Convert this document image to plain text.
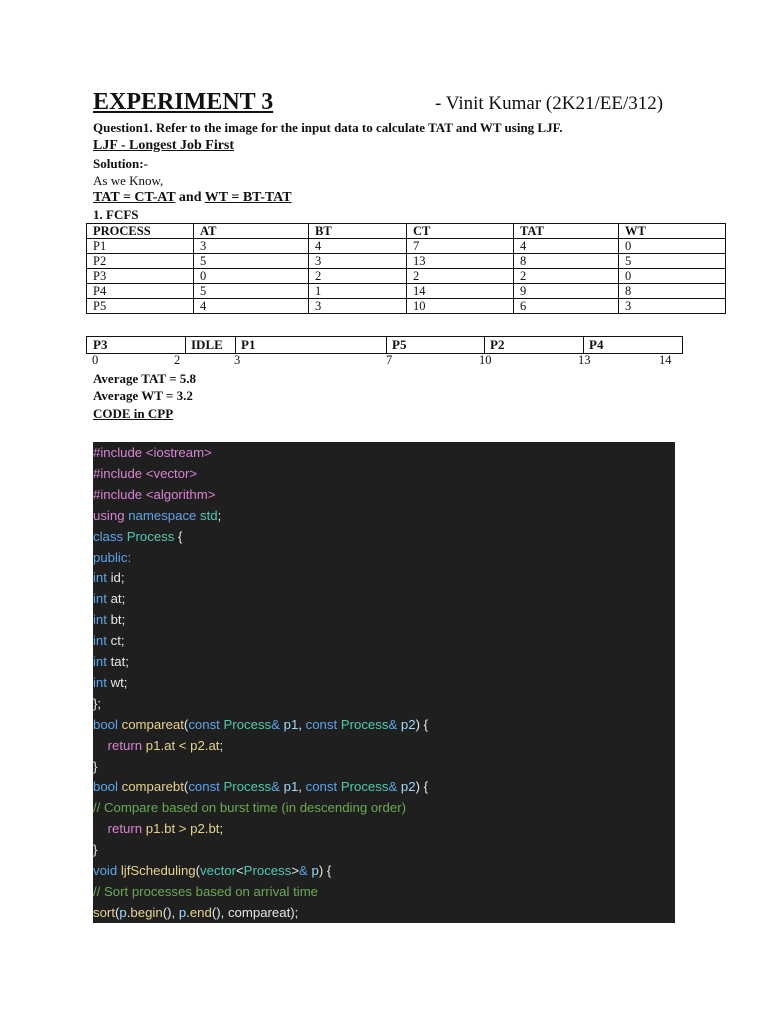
EXPERIMENT 3	- Vinit Kumar (2K21/EE/312)
Question1. Refer to the image for the input data to calculate TAT and WT using LJF.
LJF - Longest Job First
Solution:-
As we Know,
TAT = CT-AT and WT = BT-TAT
1. FCFS
PROCESS	AT	BT	CT	TAT	WT
P1	3	4	7	4	0
P2	5	3	13	8	5
P3	0	2	2	2	0
P4	5	1	14	9	8
P5	4	3	10	6	3
P3	IDLE	P1	P5	P2	P4
0	2	3	7	10	13	14
Average TAT = 5.8
Average WT = 3.2
CODE in CPP
#include <iostream>
#include <vector>
#include <algorithm>
using namespace std;
class Process {
public:
int id;
int at;
int bt;
int ct;
int tat;
int wt;
};
bool compareat(const Process& p1, const Process& p2) {
return p1.at < p2.at;
}
bool comparebt(const Process& p1, const Process& p2) {
// Compare based on burst time (in descending order)
return p1.bt > p2.bt;
}
void ljfScheduling(vector<Process>& p) {
// Sort processes based on arrival time
sort(p.begin(), p.end(), compareat);
